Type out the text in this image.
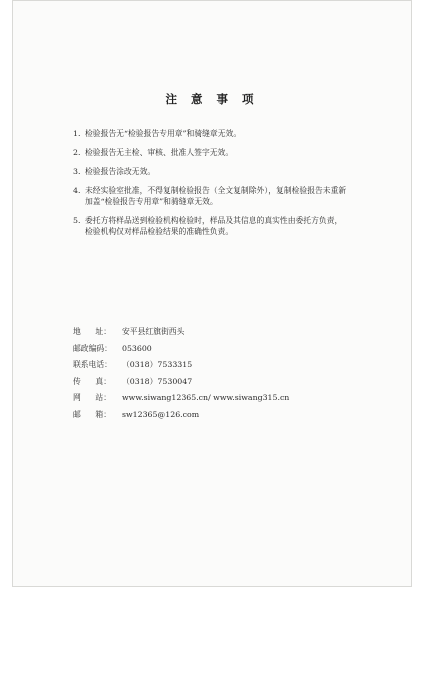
注 意 事 项
1. 检验报告无“检验报告专用章”和骑缝章无效。
2. 检验报告无主检、审核、批准人签字无效。
3. 检验报告涂改无效。
4. 未经实验室批准，不得复制检验报告（全文复制除外），复制检验报告未重新
加盖“检验报告专用章”和骑缝章无效。
5. 委托方将样品送到检验机构检验时，样品及其信息的真实性由委托方负责，
检验机构仅对样品检验结果的准确性负责。
地 址： 安平县红旗街西头
邮政编码： 053600
联系电话： （0318）7533315
传 真： （0318）7530047
网 站： www.siwang12365.cn/ www.siwang315.cn
邮 箱： sw12365@126.com
